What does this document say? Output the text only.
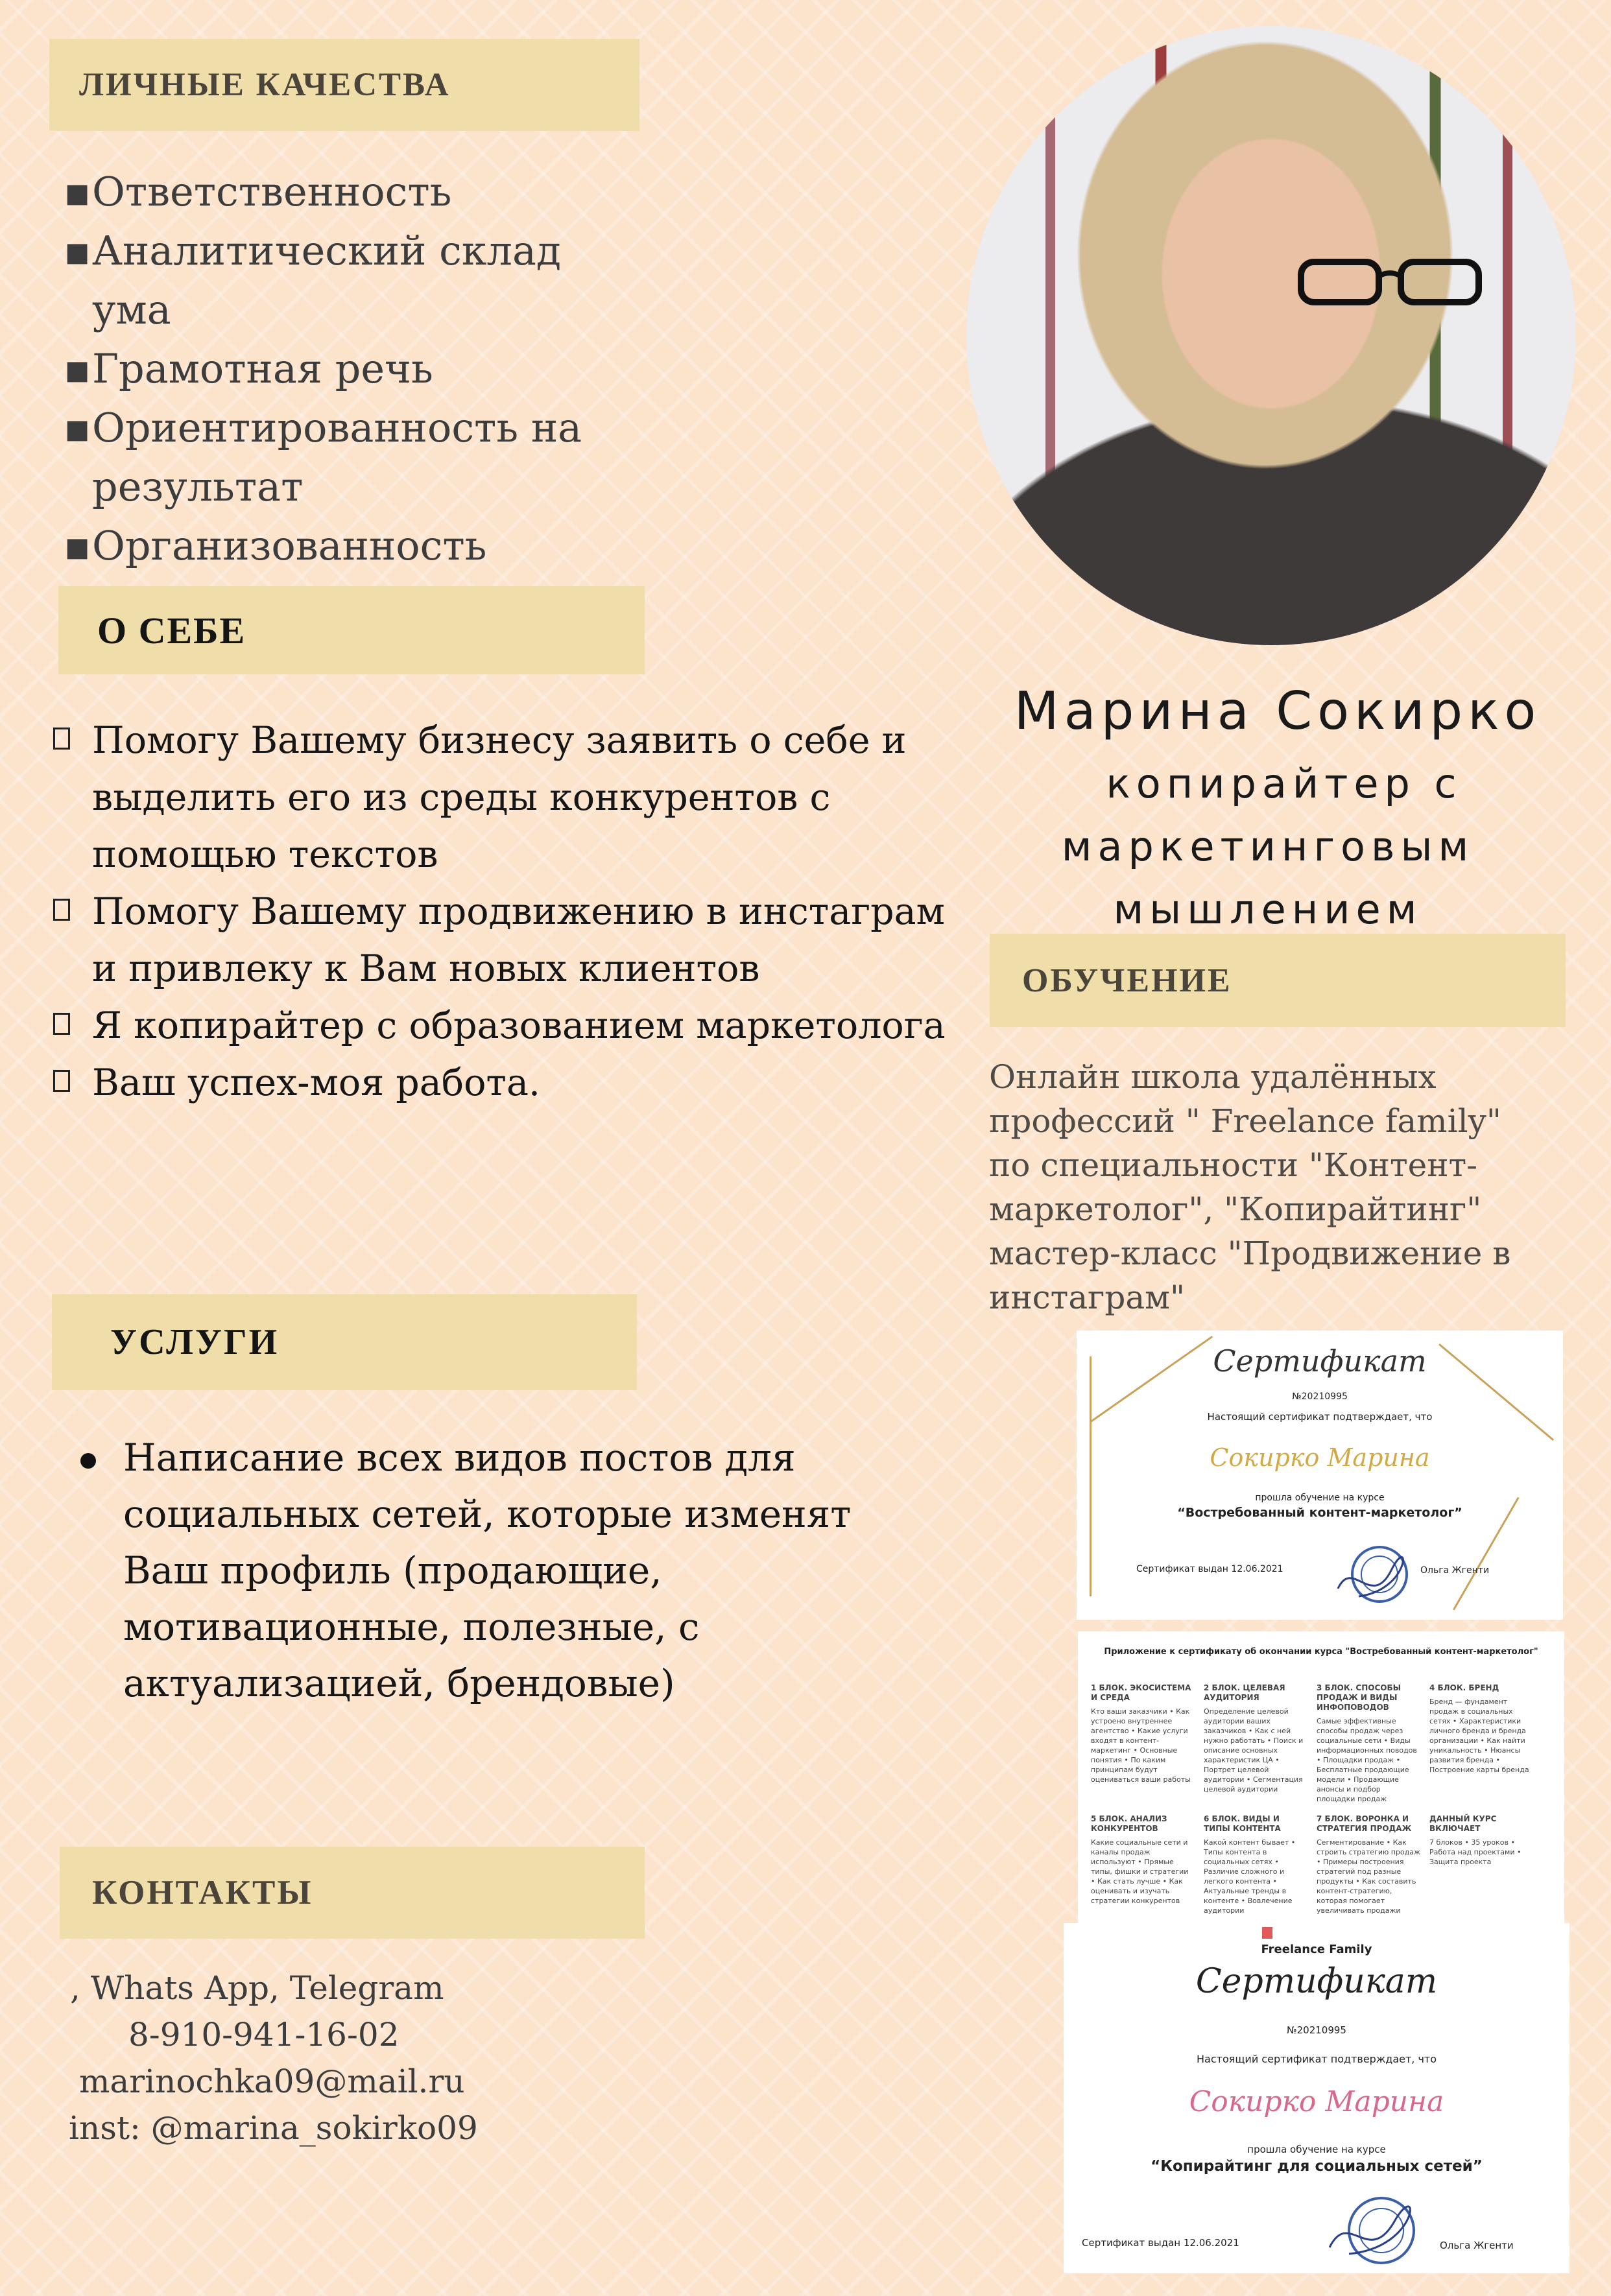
ЛИЧНЫЕ КАЧЕСТВА
▪ Ответственность
▪ Аналитический склад ума
▪ Грамотная речь
▪ Ориентированность на результат
▪ Организованность
О СЕБЕ
Помогу Вашему бизнесу заявить о себе и выделить его из среды конкурентов с помощью текстов
Помогу Вашему продвижению в инстаграм и привлеку к Вам новых клиентов
Я копирайтер с образованием маркетолога
Ваш успех-моя работа.
УСЛУГИ
Написание всех видов постов для социальных сетей, которые изменят Ваш профиль (продающие, мотивационные, полезные, с актуализацией, брендовые)
КОНТАКТЫ
, Whats App, Telegram
8-910-941-16-02
marinochka09@mail.ru
inst: @marina_sokirko09
Марина Сокирко
копирайтер с
маркетинговым
мышлением
ОБУЧЕНИЕ
Онлайн школа удалённых профессий " Freelance family" по специальности "Контент-маркетолог", "Копирайтинг" мастер-класс "Продвижение в инстаграм"
Сертификат
№20210995
Настоящий сертификат подтверждает, что
Сокирко Марина
прошла обучение на курсе
“Востребованный контент-маркетолог”
Сертификат выдан 12.06.2021	Ольга Жгенти
Приложение к сертификату об окончании курса "Востребованный контент-маркетолог"
1 БЛОК. ЭКОСИСТЕМА И СРЕДА
Кто ваши заказчики • Как устроено внутреннее агентство • Какие услуги входят в контент-маркетинг • Основные понятия • По каким принципам будут оцениваться ваши работы
2 БЛОК. ЦЕЛЕВАЯ АУДИТОРИЯ
Определение целевой аудитории ваших заказчиков • Как с ней нужно работать • Поиск и описание основных характеристик ЦА • Портрет целевой аудитории • Сегментация целевой аудитории
3 БЛОК. СПОСОБЫ ПРОДАЖ И ВИДЫ ИНФОПОВОДОВ
Самые эффективные способы продаж через социальные сети • Виды информационных поводов • Площадки продаж • Бесплатные продающие модели • Продающие анонсы и подбор площадки продаж
4 БЛОК. БРЕНД
Бренд — фундамент продаж в социальных сетях • Характеристики личного бренда и бренда организации • Как найти уникальность • Нюансы развития бренда • Построение карты бренда
5 БЛОК. АНАЛИЗ КОНКУРЕНТОВ
Какие социальные сети и каналы продаж используют • Прямые типы, фишки и стратегии • Как стать лучше • Как оценивать и изучать стратегии конкурентов
6 БЛОК. ВИДЫ И ТИПЫ КОНТЕНТА
Какой контент бывает • Типы контента в социальных сетях • Различие сложного и легкого контента • Актуальные тренды в контенте • Вовлечение аудитории
7 БЛОК. ВОРОНКА И СТРАТЕГИЯ ПРОДАЖ
Сегментирование • Как строить стратегию продаж • Примеры построения стратегий под разные продукты • Как составить контент-стратегию, которая помогает увеличивать продажи
ДАННЫЙ КУРС ВКЛЮЧАЕТ
7 блоков • 35 уроков • Работа над проектами • Защита проекта
Freelance Family
Сертификат
№20210995
Настоящий сертификат подтверждает, что
Сокирко Марина
прошла обучение на курсе
“Копирайтинг для социальных сетей”
Сертификат выдан 12.06.2021	Ольга Жгенти
